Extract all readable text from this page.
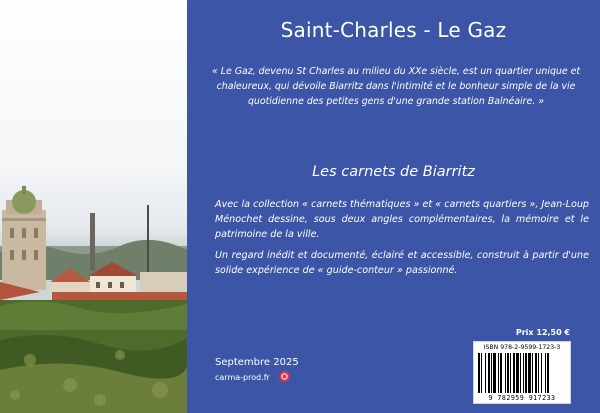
Saint-Charles - Le Gaz
« Le Gaz, devenu St Charles au milieu du XXe siècle, est un quartier unique et chaleureux, qui dévoile Biarritz dans l'intimité et le bonheur simple de la vie quotidienne des petites gens d'une grande station Balnéaire. »
Les carnets de Biarritz
Avec la collection « carnets thématiques » et « carnets quartiers », Jean-Loup Ménochet dessine, sous deux angles complémentaires, la mémoire et le patrimoine de la ville.
Un regard inédit et documenté, éclairé et accessible, construit à partir d'une solide expérience de « guide-conteur » passionné.
Prix 12,50 €
ISBN 978-2-9599-1723-3
9 782959 917233
Septembre 2025
carma-prod.fr
